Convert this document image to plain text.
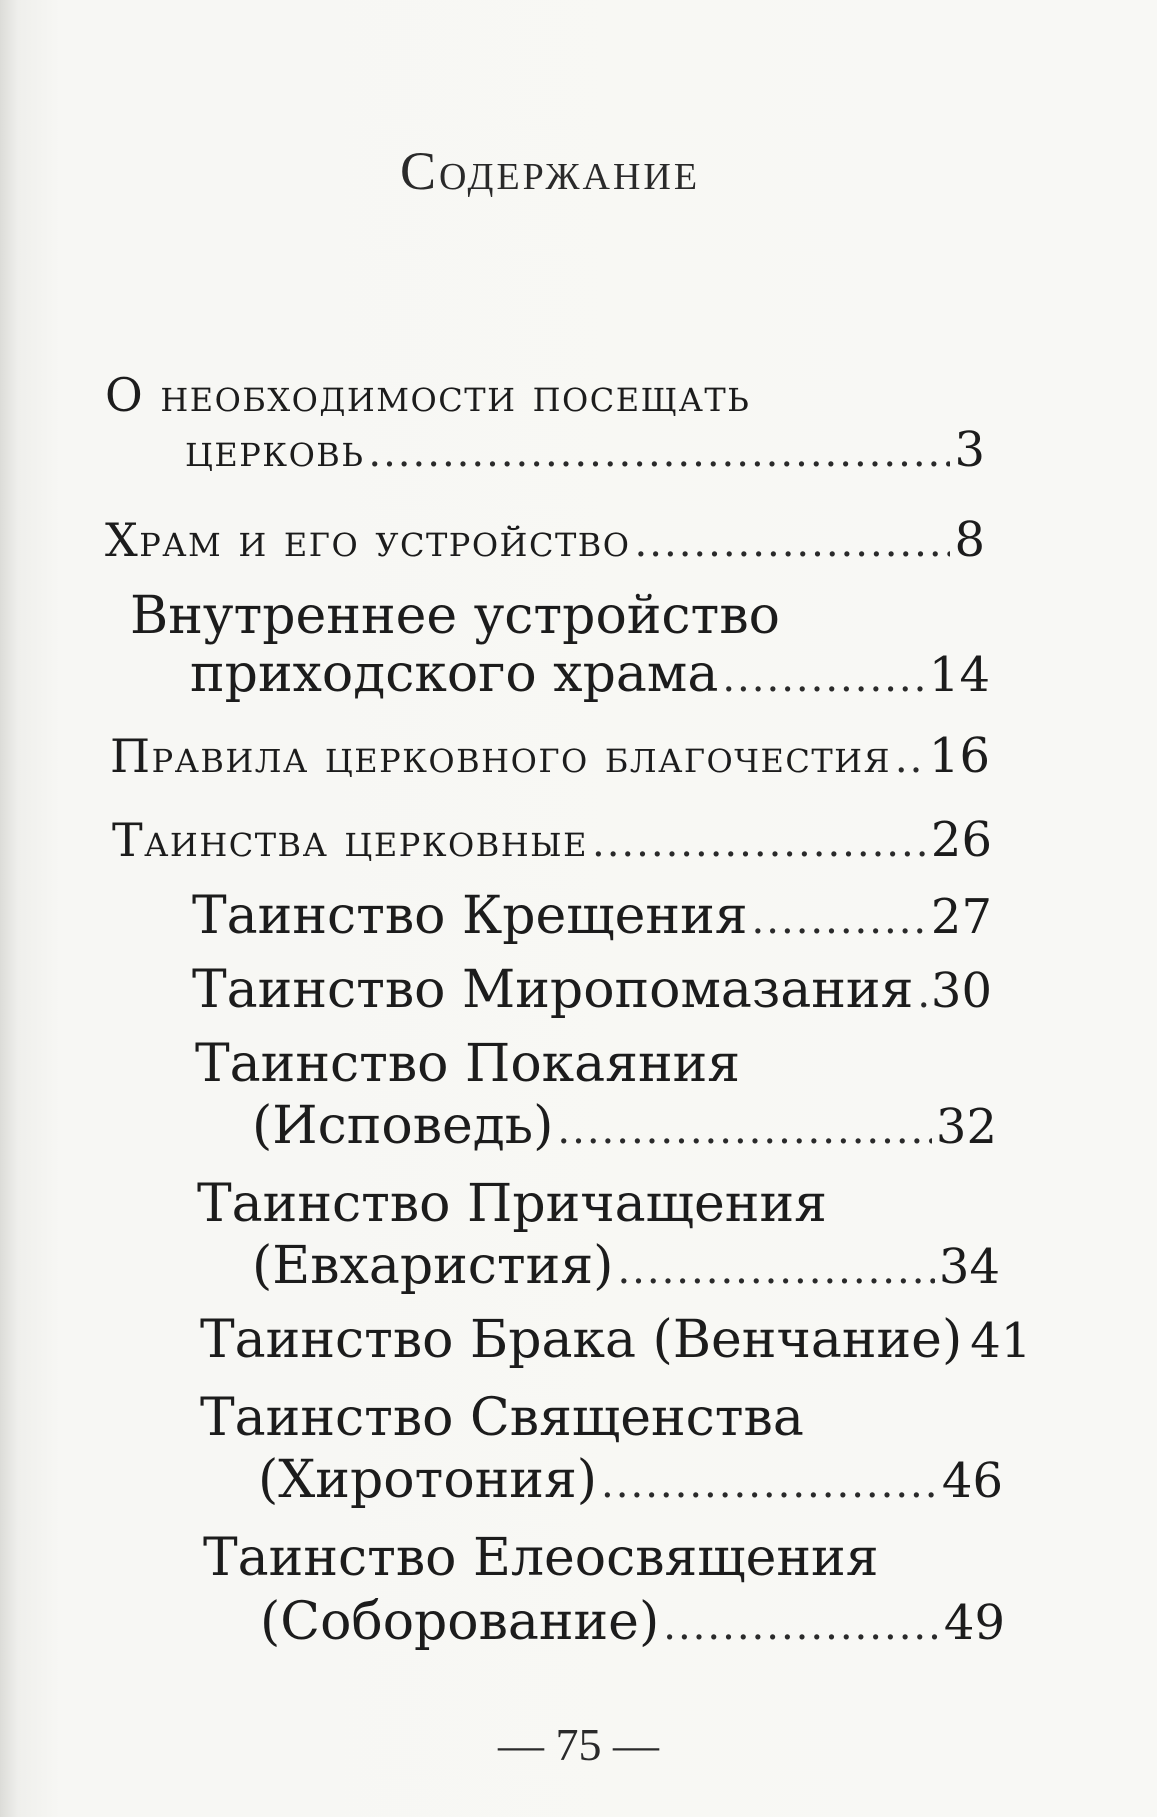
Содержание
О необходимости посещать
церковь .....	3
Храм и его устройство .....	8
Внутреннее устройство
приходского храма .....	14
Правила церковного благочестия ..... 16
Таинства церковные .....	26
Таинство Крещения .....	27
Таинство Миропомазания ..... 30
Таинство Покаяния
(Исповедь) .....	32
Таинство Причащения
(Евхаристия) .....	34
Таинство Брака (Венчание) 41
Таинство Священства
(Хиротония) .....	46
Таинство Елеосвящения
(Соборование) .....	49
— 75 —
